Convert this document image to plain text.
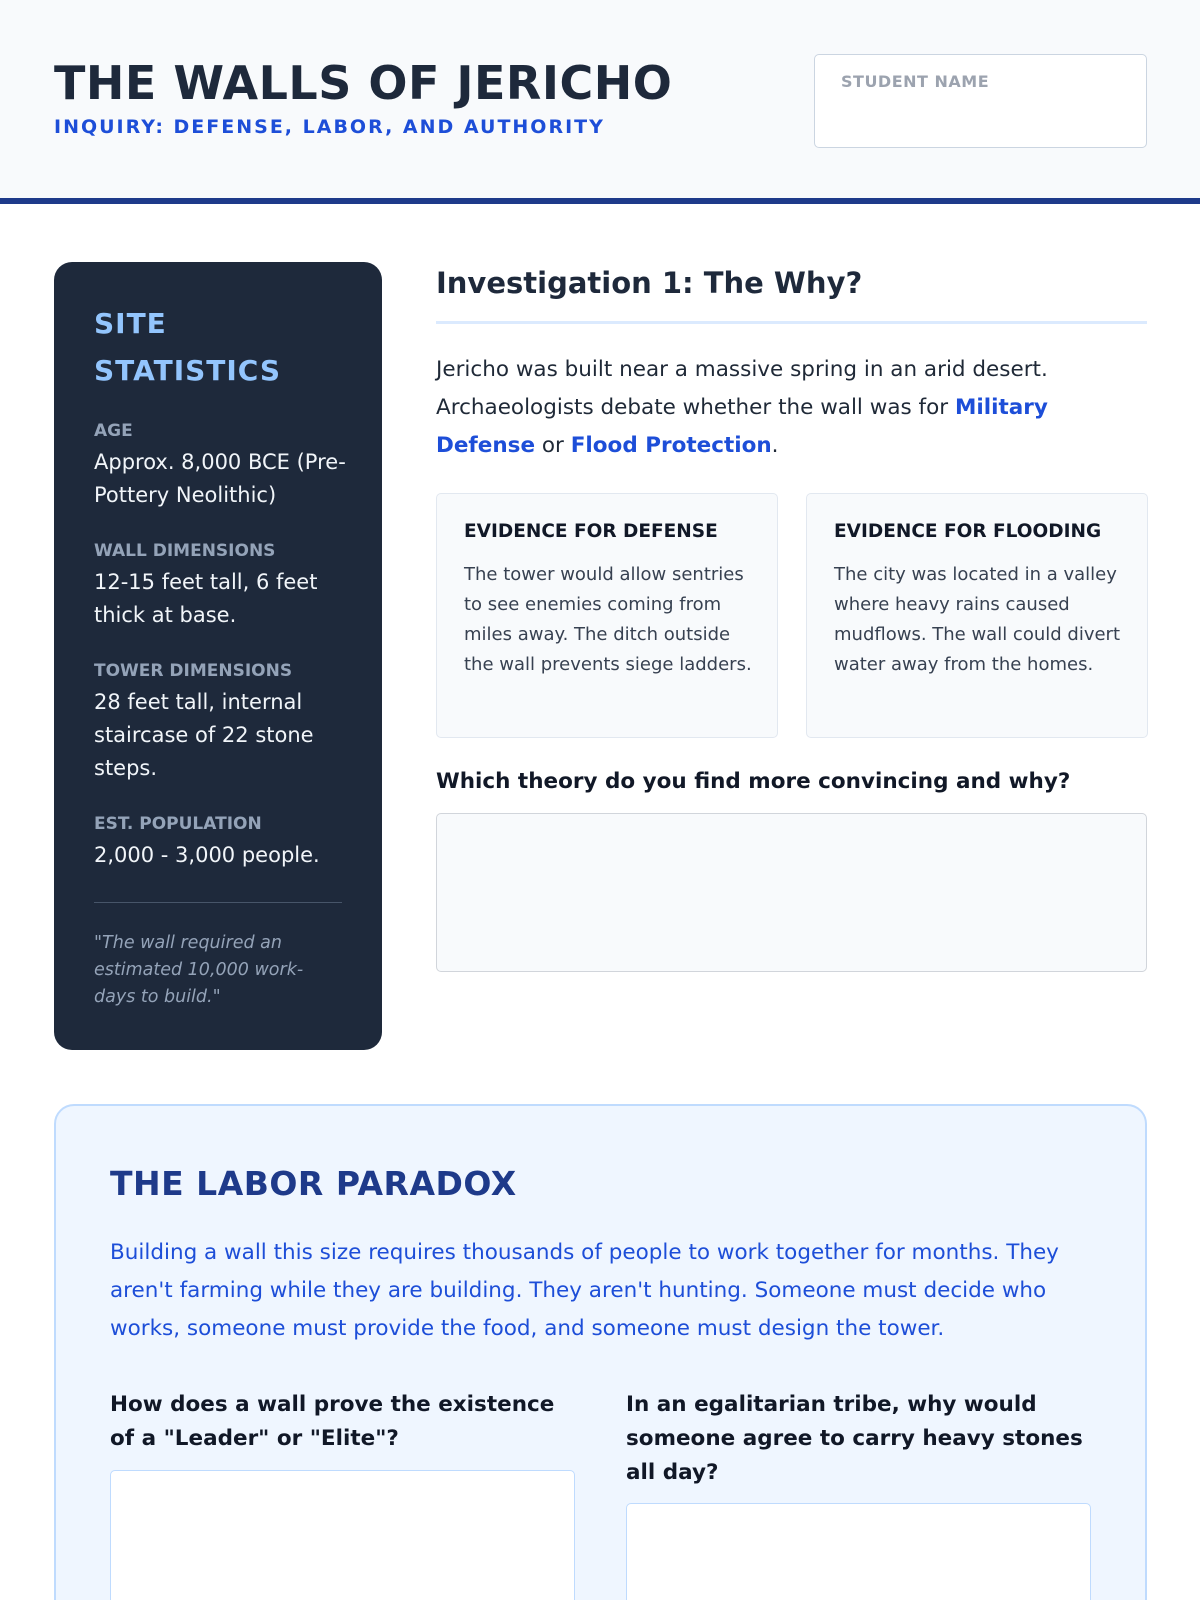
THE WALLS OF JERICHO
INQUIRY: DEFENSE, LABOR, AND AUTHORITY
STUDENT NAME
SITE STATISTICS
AGE
Approx. 8,000 BCE (Pre-Pottery Neolithic)
WALL DIMENSIONS
12-15 feet tall, 6 feet thick at base.
TOWER DIMENSIONS
28 feet tall, internal staircase of 22 stone steps.
EST. POPULATION
2,000 - 3,000 people.
"The wall required an estimated 10,000 work-days to build."
Investigation 1: The Why?
Jericho was built near a massive spring in an arid desert. Archaeologists debate whether the wall was for Military Defense or Flood Protection.
EVIDENCE FOR DEFENSE
The tower would allow sentries to see enemies coming from miles away. The ditch outside the wall prevents siege ladders.
EVIDENCE FOR FLOODING
The city was located in a valley where heavy rains caused mudflows. The wall could divert water away from the homes.
Which theory do you find more convincing and why?
THE LABOR PARADOX
Building a wall this size requires thousands of people to work together for months. They aren't farming while they are building. They aren't hunting. Someone must decide who works, someone must provide the food, and someone must design the tower.
How does a wall prove the existence of a "Leader" or "Elite"?
In an egalitarian tribe, why would someone agree to carry heavy stones all day?
